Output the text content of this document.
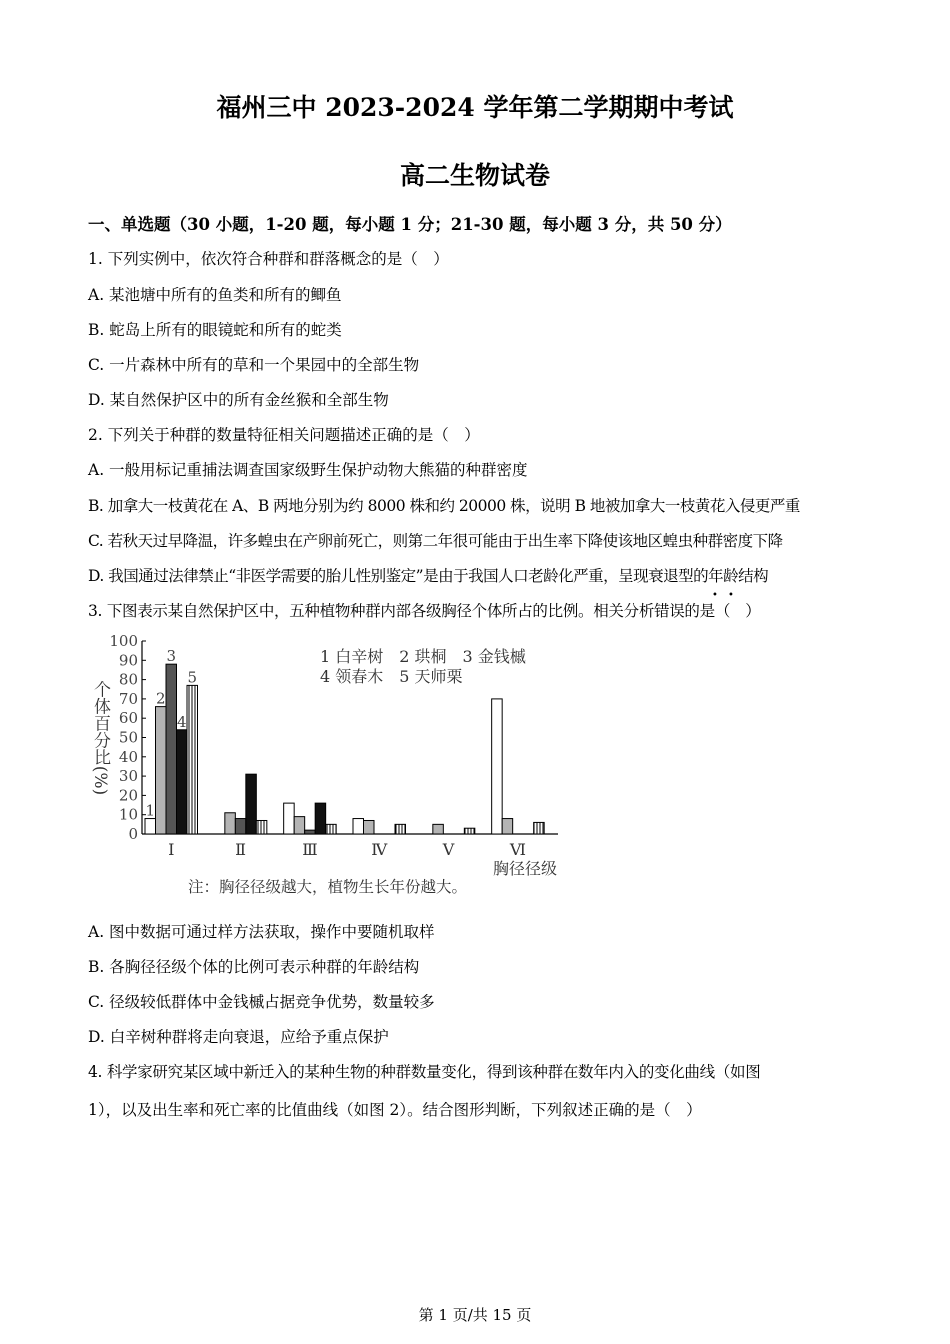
福州三中 2023-2024 学年第二学期期中考试
高二生物试卷
一、单选题（30 小题，1-20 题，每小题 1 分；21-30 题，每小题 3 分，共 50 分）
1. 下列实例中，依次符合种群和群落概念的是（　）
A. 某池塘中所有的鱼类和所有的鲫鱼
B. 蛇岛上所有的眼镜蛇和所有的蛇类
C. 一片森林中所有的草和一个果园中的全部生物
D. 某自然保护区中的所有金丝猴和全部生物
2. 下列关于种群的数量特征相关问题描述正确的是（　）
A. 一般用标记重捕法调查国家级野生保护动物大熊猫的种群密度
B. 加拿大一枝黄花在 A、B 两地分别为约 8000 株和约 20000 株，说明 B 地被加拿大一枝黄花入侵更严重
C. 若秋天过早降温，许多蝗虫在产卵前死亡，则第二年很可能由于出生率下降使该地区蝗虫种群密度下降
D. 我国通过法律禁止“非医学需要的胎儿性别鉴定”是由于我国人口老龄化严重，呈现衰退型的年龄结构
3. 下图表示某自然保护区中，五种植物种群内部各级胸径个体所占的比例。相关分析错误的是（　）
• •
0
10
20
30
40
50
60
70
80
90
100
个体百分比(%)
1
2
3
4
5
Ⅰ	Ⅱ	Ⅲ	Ⅳ	Ⅴ	Ⅵ
胸径径级
1 白辛树　2 珙桐　3 金钱槭
4 领春木　5 天师栗
注：胸径径级越大，植物生长年份越大。
A. 图中数据可通过样方法获取，操作中要随机取样
B. 各胸径径级个体的比例可表示种群的年龄结构
C. 径级较低群体中金钱槭占据竞争优势，数量较多
D. 白辛树种群将走向衰退，应给予重点保护
4. 科学家研究某区域中新迁入的某种生物的种群数量变化，得到该种群在数年内入的变化曲线（如图
1），以及出生率和死亡率的比值曲线（如图 2）。结合图形判断，下列叙述正确的是（　）
第 1 页/共 15 页
